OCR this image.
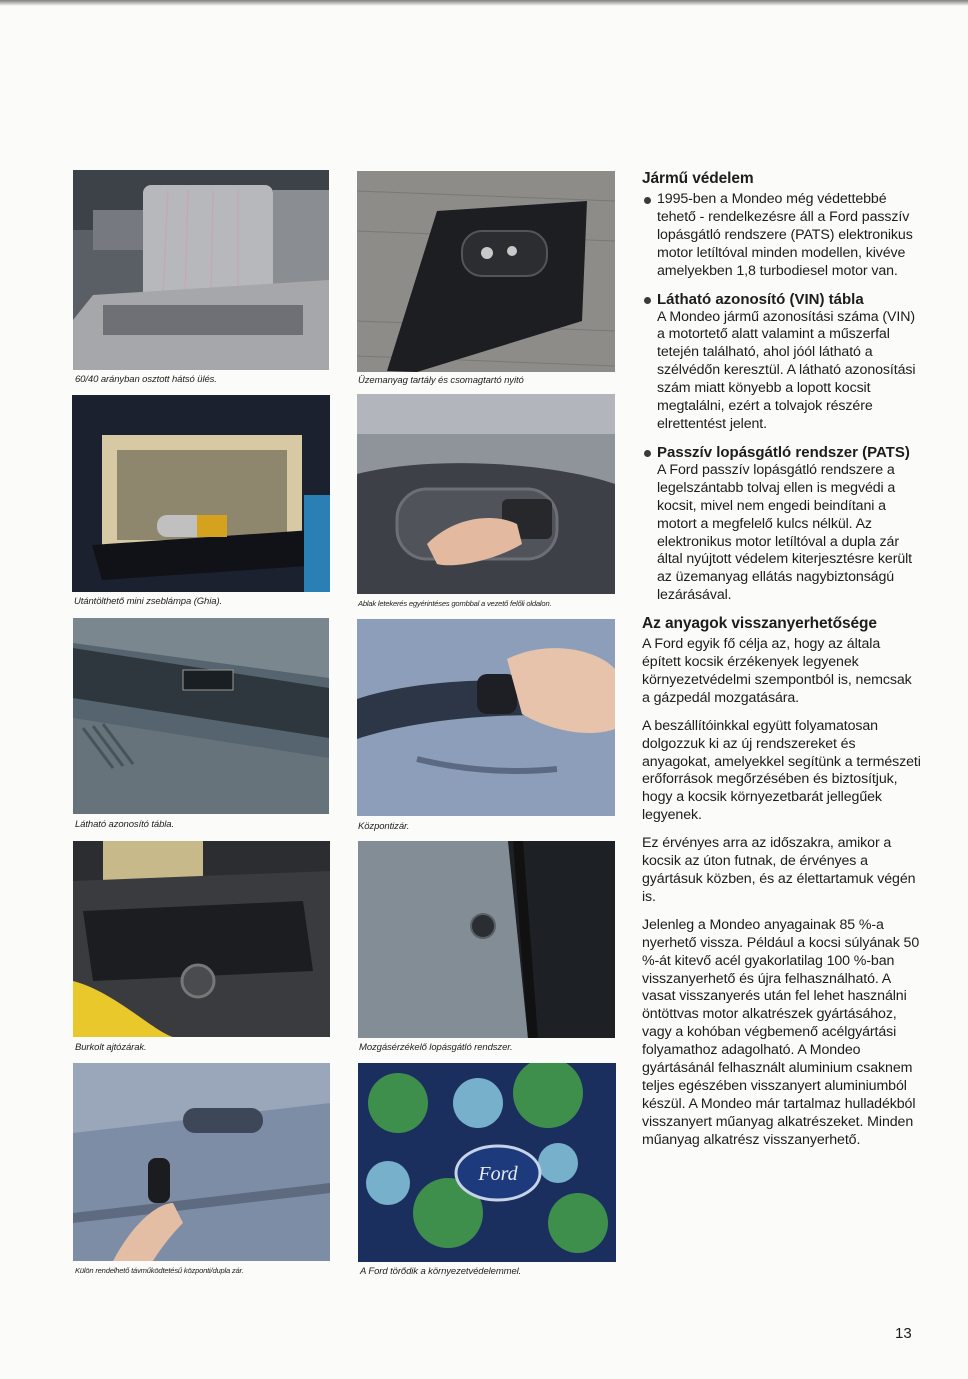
60/40 arányban osztott hátsó ülés.	Üzemanyag tartály és csomagtartó nyitó
Utántölthető mini zseblámpa (Ghia).	Ablak letekerés egyérintéses gombbal a vezető felőli oldalon.
Látható azonosító tábla.	Központizár.
Burkolt ajtózárak.	Mozgásérzékelő lopásgátló rendszer.
Külön rendelhető távműködtetésű központi/dupla zár.
Ford
A Ford törődik a környezetvédelemmel.
Jármű védelem

1995-ben a Mondeo még védettebbé tehető - rendelkezésre áll a Ford passzív lopásgátló rendszere (PATS) elektronikus motor letíltóval minden modellen, kivéve amelyekben 1,8 turbodiesel motor van.

Látható azonosító (VIN) tábla

A Mondeo jármű azonosítási száma (VIN) a motortető alatt valamint a műszerfal tetején található, ahol jóól látható a szélvédőn keresztül. A látható azonosítási szám miatt könyebb a lopott kocsit megtalálni, ezért a tolvajok részére elrettentést jelent.

Passzív lopásgátló rendszer (PATS)

A Ford passzív lopásgátló rendszere a legelszántabb tolvaj ellen is megvédi a kocsit, mivel nem engedi beindítani a motort a megfelelő kulcs nélkül. Az elektronikus motor letíltóval a dupla zár által nyújtott védelem kiterjesztésre került az üzemanyag ellátás nagybiztonságú lezárásával.

Az anyagok visszanyerhetősége

A Ford egyik fő célja az, hogy az általa épített kocsik érzékenyek legyenek környezetvédelmi szempontból is, nemcsak a gázpedál mozgatására.

A beszállítóinkkal együtt folyamatosan dolgozzuk ki az új rendszereket és anyagokat, amelyekkel segítünk a természeti erőforrások megőrzésében és biztosítjuk, hogy a kocsik környezetbarát jellegűek legyenek.

Ez érvényes arra az időszakra, amikor a kocsik az úton futnak, de érvényes a gyártásuk közben, és az élettartamuk végén is.

Jelenleg a Mondeo anyagainak 85 %-a nyerhető vissza. Például a kocsi súlyának 50 %-át kitevő acél gyakorlatilag 100 %-ban visszanyerhető és újra felhasználható. A vasat visszanyerés után fel lehet használni öntöttvas motor alkatrészek gyártásához, vagy a kohóban végbemenő acélgyártási folyamathoz adagolható. A Mondeo gyártásánál felhasznált aluminium csaknem teljes egészében visszanyert aluminiumból készül. A Mondeo már tartalmaz hulladékból visszanyert műanyag alkatrészeket. Minden műanyag alkatrész visszanyerhető.

13
